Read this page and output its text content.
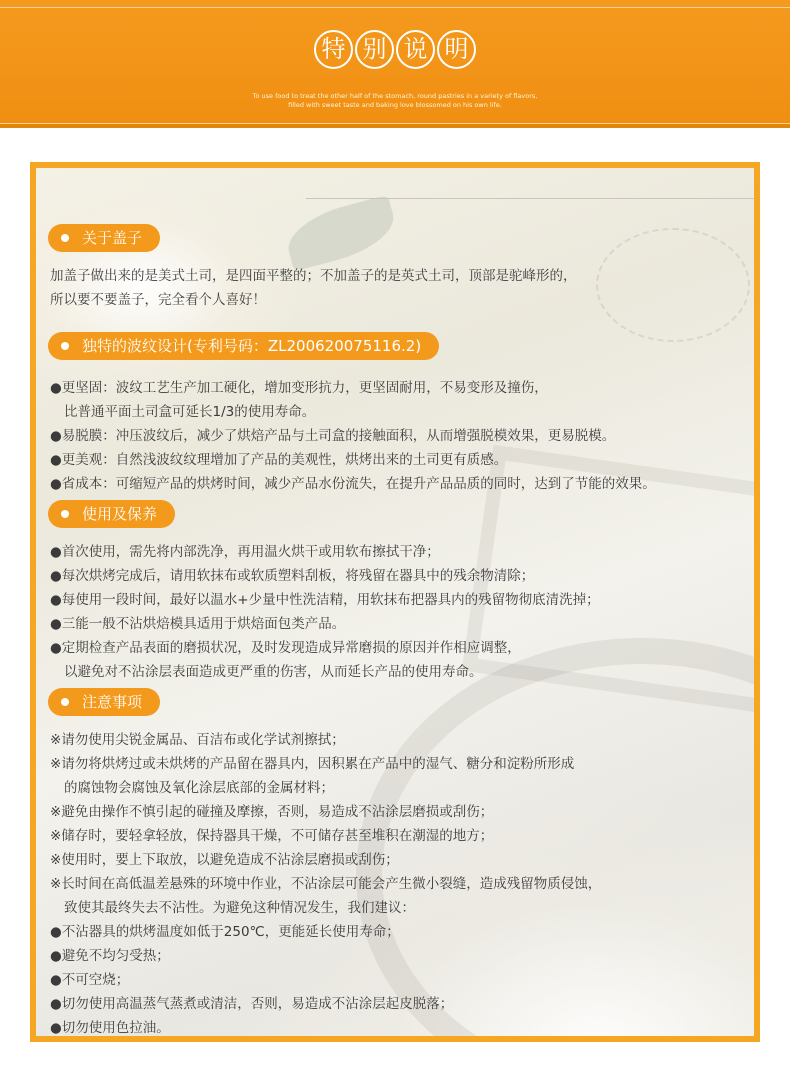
特 别 说 明
To use food to treat the other half of the stomach, round pastries in a variety of flavors,
filled with sweet taste and baking love blossomed on his own life.
关于盖子
加盖子做出来的是美式土司，是四面平整的；不加盖子的是英式土司，顶部是驼峰形的，
所以要不要盖子，完全看个人喜好！
独特的波纹设计(专利号码：ZL200620075116.2)
●更坚固：波纹工艺生产加工硬化，增加变形抗力，更坚固耐用，不易变形及撞伤，
比普通平面土司盒可延长1/3的使用寿命。
●易脱膜：冲压波纹后，减少了烘焙产品与土司盒的接触面积，从而增强脱模效果，更易脱模。
●更美观：自然浅波纹纹理增加了产品的美观性，烘烤出来的土司更有质感。
●省成本：可缩短产品的烘烤时间，减少产品水份流失，在提升产品品质的同时，达到了节能的效果。
使用及保养
●首次使用，需先将内部洗净，再用温火烘干或用软布擦拭干净；
●每次烘烤完成后，请用软抹布或软质塑料刮板，将残留在器具中的残余物清除；
●每使用一段时间，最好以温水+少量中性洗洁精，用软抹布把器具内的残留物彻底清洗掉；
●三能一般不沾烘焙模具适用于烘焙面包类产品。
●定期检查产品表面的磨损状况，及时发现造成异常磨损的原因并作相应调整，
以避免对不沾涂层表面造成更严重的伤害，从而延长产品的使用寿命。
注意事项
※请勿使用尖锐金属品、百洁布或化学试剂擦拭；
※请勿将烘烤过或未烘烤的产品留在器具内，因积累在产品中的湿气、糖分和淀粉所形成
的腐蚀物会腐蚀及氧化涂层底部的金属材料；
※避免由操作不慎引起的碰撞及摩擦，否则，易造成不沾涂层磨损或刮伤；
※储存时，要轻拿轻放，保持器具干燥，不可储存甚至堆积在潮湿的地方；
※使用时，要上下取放，以避免造成不沾涂层磨损或刮伤；
※长时间在高低温差悬殊的环境中作业，不沾涂层可能会产生微小裂缝，造成残留物质侵蚀，
致使其最终失去不沾性。为避免这种情况发生，我们建议：
●不沾器具的烘烤温度如低于250℃，更能延长使用寿命；
●避免不均匀受热；
●不可空烧；
●切勿使用高温蒸气蒸煮或清洁，否则，易造成不沾涂层起皮脱落；
●切勿使用色拉油。
